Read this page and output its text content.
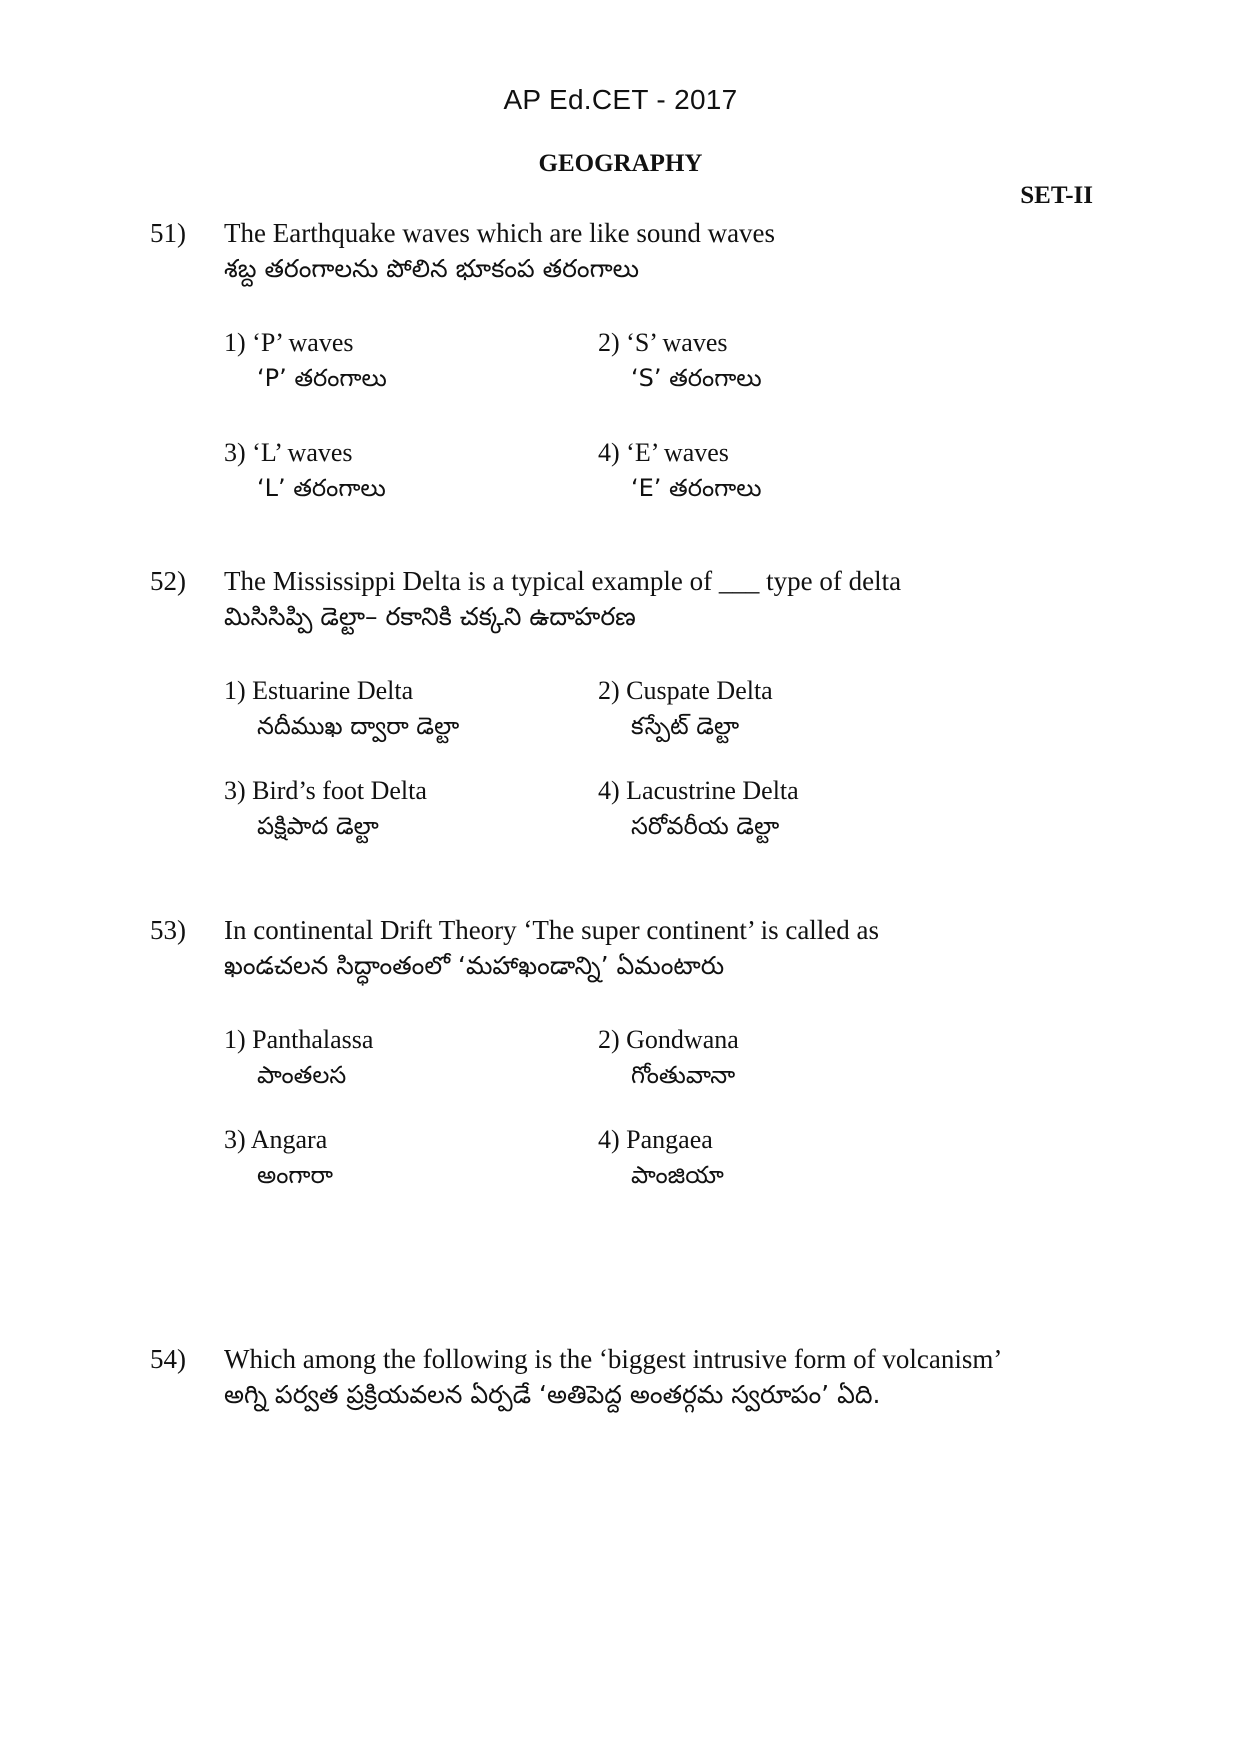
AP Ed.CET - 2017
GEOGRAPHY
SET-II
51) The Earthquake waves which are like sound waves
శబ్ద తరంగాలను పోలిన భూకంప తరంగాలు
1) ‘P’ waves
‘P’ తరంగాలు
2) ‘S’ waves
‘S’ తరంగాలు
3) ‘L’ waves
‘L’ తరంగాలు
4) ‘E’ waves
‘E’ తరంగాలు
52) The Mississippi Delta is a typical example of ___ type of delta
మిసిసిప్పి డెల్టా– రకానికి చక్కని ఉదాహరణ
1) Estuarine Delta
నదీముఖ ద్వారా డెల్టా
2) Cuspate Delta
కస్పేట్ డెల్టా
3) Bird’s foot Delta
పక్షిపాద డెల్టా
4) Lacustrine Delta
సరోవరీయ డెల్టా
53) In continental Drift Theory ‘The super continent’ is called as
ఖండచలన సిద్ధాంతంలో ‘మహాఖండాన్ని’ ఏమంటారు
1) Panthalassa
పాంతలస
2) Gondwana
గోంతువానా
3) Angara
అంగారా
4) Pangaea
పాంజియా
54) Which among the following is the ‘biggest intrusive form of volcanism’
అగ్ని పర్వత ప్రక్రియవలన ఏర్పడే ‘అతిపెద్ద అంతర్గమ స్వరూపం’ ఏది.
